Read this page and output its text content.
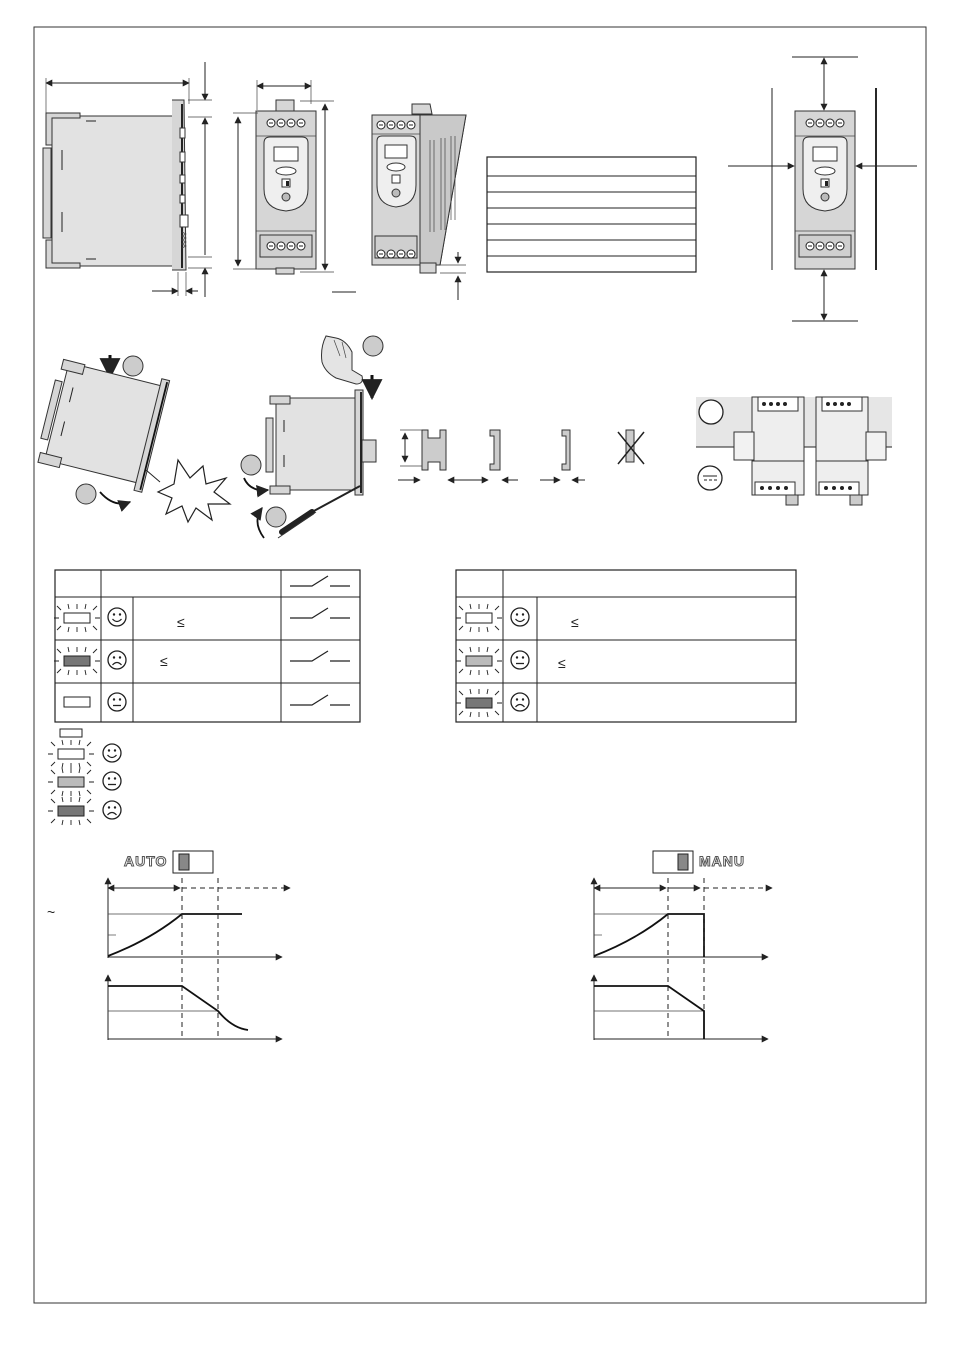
≤
≤
≤
≤
AUTO
~
MANU
